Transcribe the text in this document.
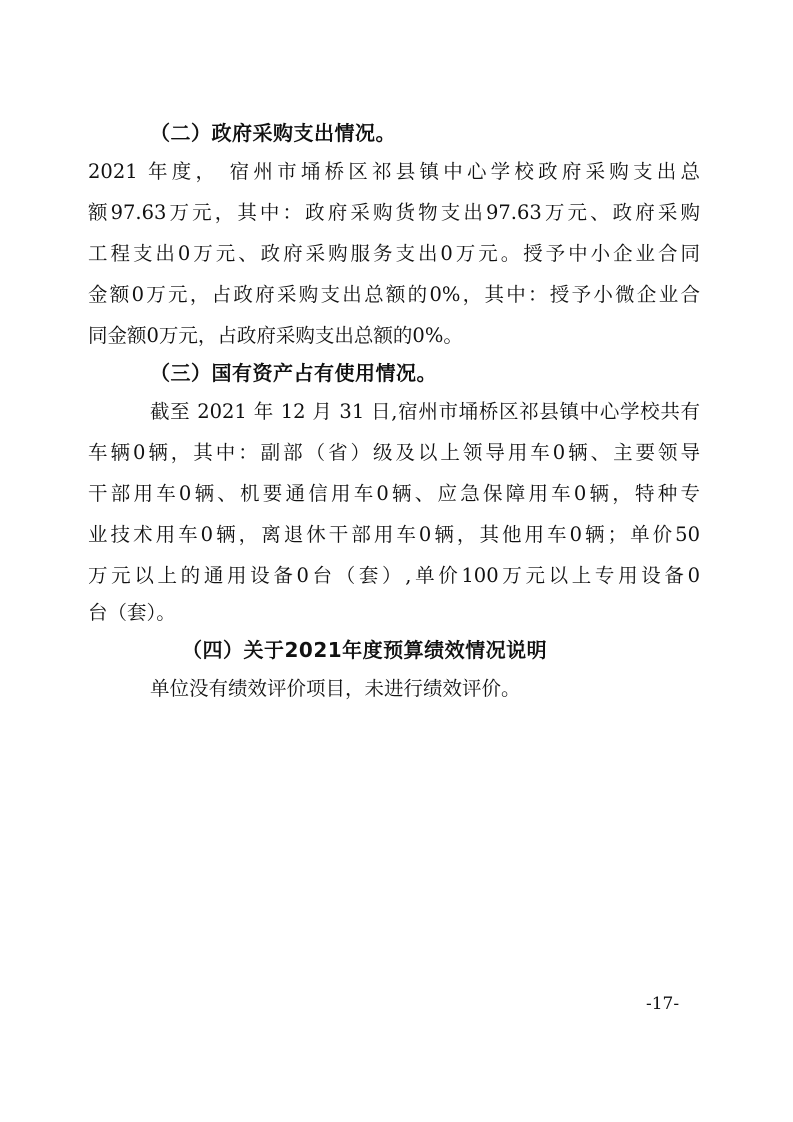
（二）政府采购支出情况。
2021 年度， 宿州市埇桥区祁县镇中心学校政府采购支出总
额97.63万元，其中：政府采购货物支出97.63万元、政府采购
工程支出0万元、政府采购服务支出0万元。授予中小企业合同
金额0万元，占政府采购支出总额的0%，其中：授予小微企业合
同金额0万元，占政府采购支出总额的0%。
（三）国有资产占有使用情况。
截至 2021 年 12 月 31 日,宿州市埇桥区祁县镇中心学校共有
车辆0辆，其中：副部（省）级及以上领导用车0辆、主要领导
干部用车0辆、机要通信用车0辆、应急保障用车0辆，特种专
业技术用车0辆，离退休干部用车0辆，其他用车0辆；单价50
万元以上的通用设备0台（套）,单价100万元以上专用设备0
台（套）。
（四）关于2021年度预算绩效情况说明
单位没有绩效评价项目，未进行绩效评价。
-17-
